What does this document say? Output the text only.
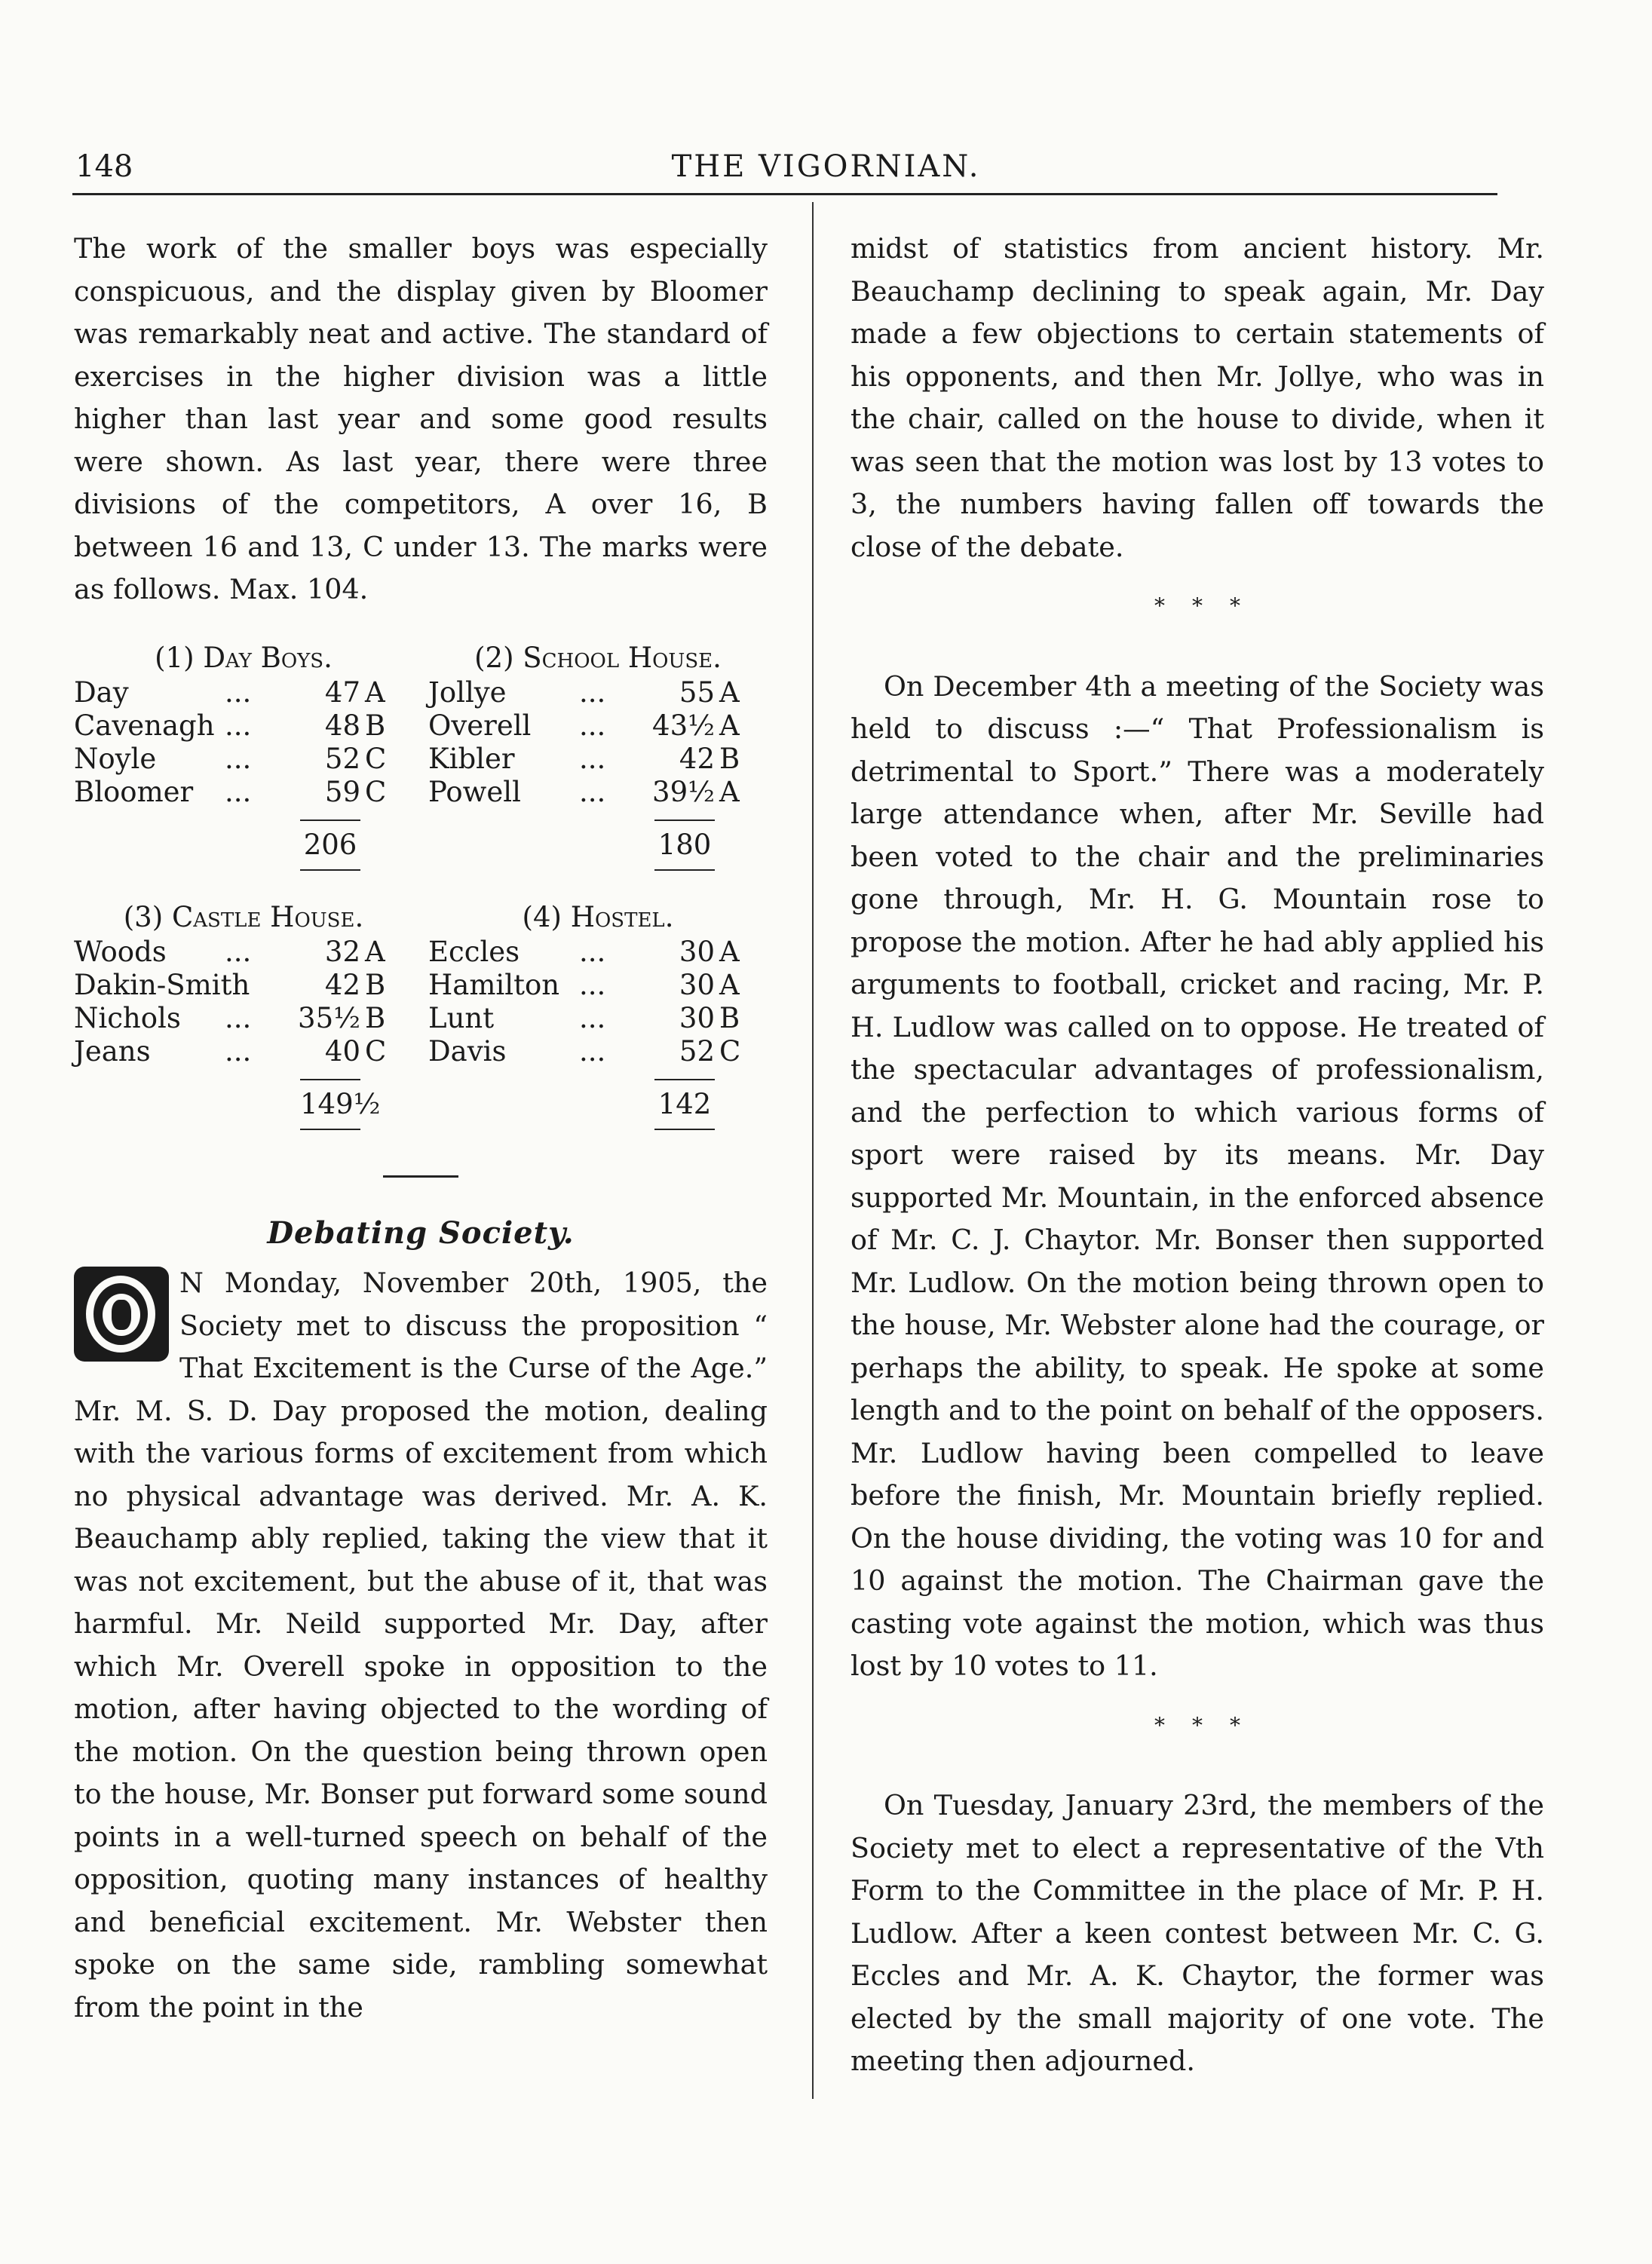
148	THE VIGORNIAN.

The work of the smaller boys was especially conspicuous, and the display given by Bloomer was remarkably neat and active. The standard of exercises in the higher division was a little higher than last year and some good results were shown. As last year, there were three divisions of the competitors, A over 16, B between 16 and 13, C under 13. The marks were as follows. Max. 104.

(1) Day Boys.
Day	...	47 A
Cavenagh ...	48 B
Noyle	...	52 C
Bloomer	...	59 C
206
(2) School House.
Jollye	...	55 A
Overell	...	43½ A
Kibler	...	42 B
Powell	...	39½ A
180
(3) Castle House.
Woods	...	32 A
Dakin-Smith	42 B
Nichols	...	35½ B
Jeans	...	40 C
149½
(4) Hostel.
Eccles	...	30 A
Hamilton ...	30 A
Lunt	...	30 B
Davis	...	52 C
142
Debating Society.

N Monday, November 20th, 1905, the Society met to discuss the proposition “ That Excitement is the Curse of the Age.” Mr. M. S. D. Day proposed the motion, dealing with the various forms of excitement from which no physical advantage was derived. Mr. A. K. Beauchamp ably replied, taking the view that it was not excitement, but the abuse of it, that was harmful. Mr. Neild supported Mr. Day, after which Mr. Overell spoke in opposition to the motion, after having objected to the wording of the motion. On the question being thrown open to the house, Mr. Bonser put forward some sound points in a well-turned speech on behalf of the opposition, quoting many instances of healthy and beneficial excitement. Mr. Webster then spoke on the same side, rambling somewhat from the point in the

midst of statistics from ancient history. Mr. Beauchamp declining to speak again, Mr. Day made a few objections to certain statements of his opponents, and then Mr. Jollye, who was in the chair, called on the house to divide, when it was seen that the motion was lost by 13 votes to 3, the numbers having fallen off towards the close of the debate.

***

On December 4th a meeting of the Society was held to discuss :—“ That Professionalism is detrimental to Sport.” There was a moderately large attendance when, after Mr. Seville had been voted to the chair and the preliminaries gone through, Mr. H. G. Mountain rose to propose the motion. After he had ably applied his arguments to football, cricket and racing, Mr. P. H. Ludlow was called on to oppose. He treated of the spectacular advantages of professionalism, and the perfection to which various forms of sport were raised by its means. Mr. Day supported Mr. Mountain, in the enforced absence of Mr. C. J. Chaytor. Mr. Bonser then supported Mr. Ludlow. On the motion being thrown open to the house, Mr. Webster alone had the courage, or perhaps the ability, to speak. He spoke at some length and to the point on behalf of the opposers. Mr. Ludlow having been compelled to leave before the finish, Mr. Mountain briefly replied. On the house dividing, the voting was 10 for and 10 against the motion. The Chairman gave the casting vote against the motion, which was thus lost by 10 votes to 11.

***

On Tuesday, January 23rd, the members of the Society met to elect a representative of the Vth Form to the Committee in the place of Mr. P. H. Ludlow. After a keen contest between Mr. C. G. Eccles and Mr. A. K. Chaytor, the former was elected by the small majority of one vote. The meeting then adjourned.
